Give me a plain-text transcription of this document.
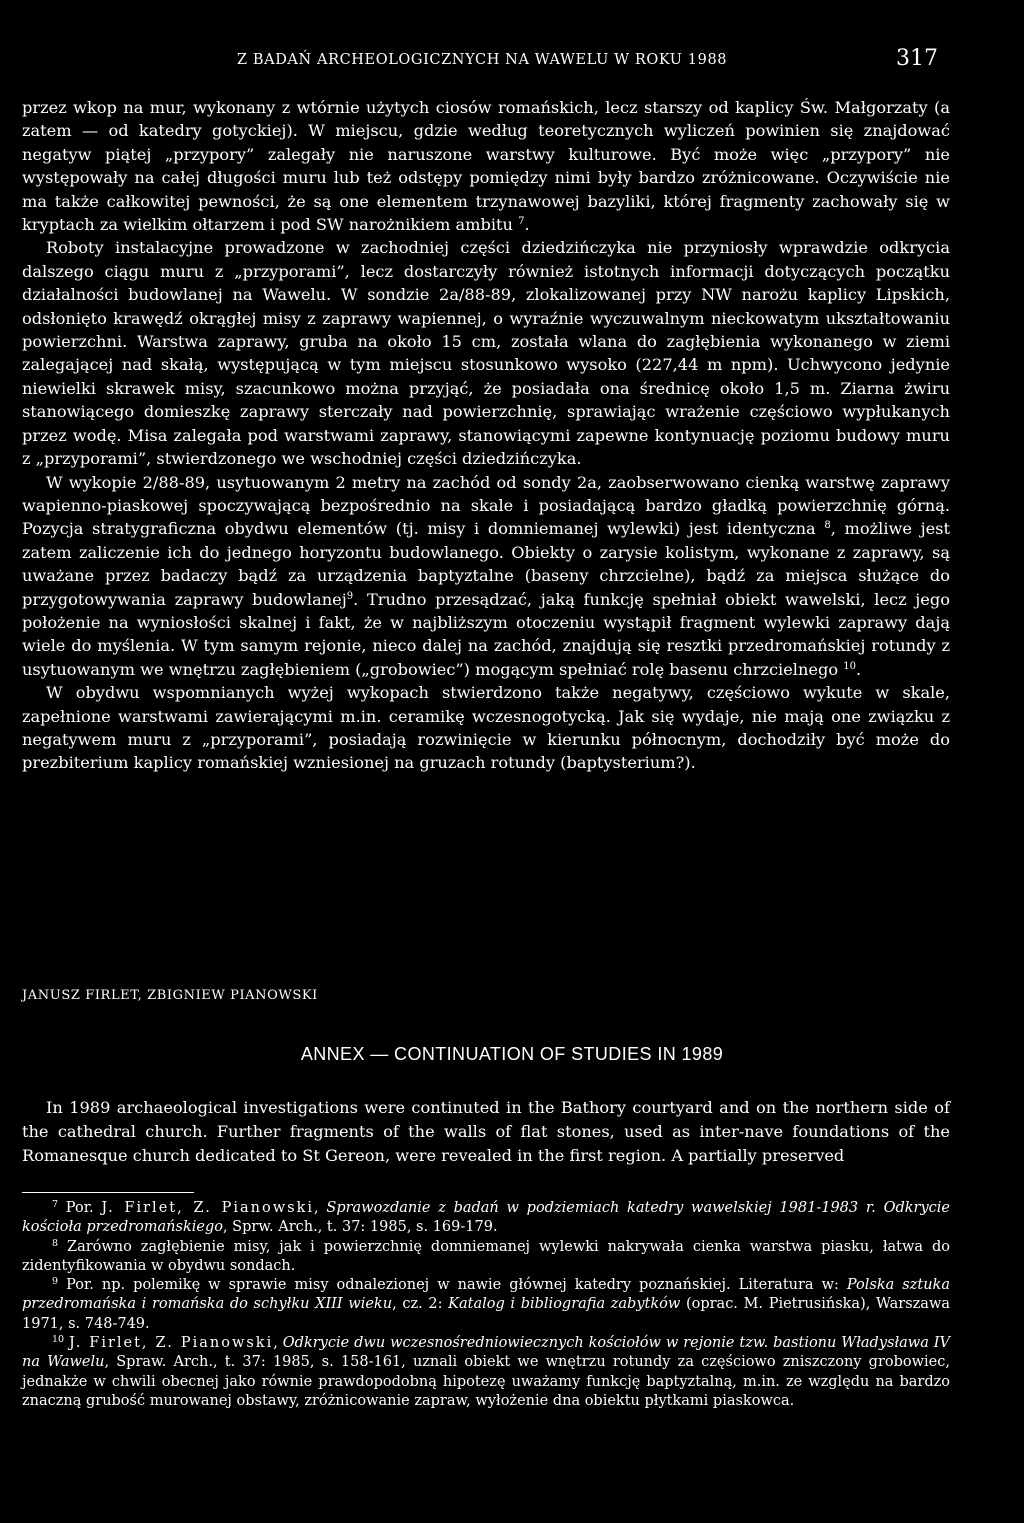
Z BADAŃ ARCHEOLOGICZNYCH NA WAWELU W ROKU 1988	317

przez wkop na mur, wykonany z wtórnie użytych ciosów romańskich, lecz starszy od kaplicy Św. Małgorzaty (a zatem — od katedry gotyckiej). W miejscu, gdzie według teoretycznych wyliczeń powinien się znajdować negatyw piątej „przypory” zalegały nie naruszone warstwy kulturowe. Być może więc „przypory” nie występowały na całej długości muru lub też odstępy pomiędzy nimi były bardzo zróżnicowane. Oczywiście nie ma także całkowitej pewności, że są one elementem trzynawowej bazyliki, której fragmenty zachowały się w kryptach za wielkim ołtarzem i pod SW narożnikiem ambitu $^7$.

Roboty instalacyjne prowadzone w zachodniej części dziedzińczyka nie przyniosły wprawdzie odkrycia dalszego ciągu muru z „przyporami”, lecz dostarczyły również istotnych informacji dotyczących początku działalności budowlanej na Wawelu. W sondzie 2a/88-89, zlokalizowanej przy NW narożu kaplicy Lipskich, odsłonięto krawędź okrągłej misy z zaprawy wapiennej, o wyraźnie wyczuwalnym nieckowatym ukształtowaniu powierzchni. Warstwa zaprawy, gruba na około 15 cm, została wlana do zagłębienia wykonanego w ziemi zalegającej nad skałą, występującą w tym miejscu stosunkowo wysoko (227,44 m npm). Uchwycono jedynie niewielki skrawek misy, szacunkowo można przyjąć, że posiadała ona średnicę około 1,5 m. Ziarna żwiru stanowiącego domieszkę zaprawy sterczały nad powierzchnię, sprawiając wrażenie częściowo wypłukanych przez wodę. Misa zalegała pod warstwami zaprawy, stanowiącymi zapewne kontynuację poziomu budowy muru z „przyporami”, stwierdzonego we wschodniej części dziedzińczyka.

W wykopie 2/88-89, usytuowanym 2 metry na zachód od sondy 2a, zaobserwowano cienką warstwę zaprawy wapienno-piaskowej spoczywającą bezpośrednio na skale i posiadającą bardzo gładką powierzchnię górną. Pozycja stratygraficzna obydwu elementów (tj. misy i domniemanej wylewki) jest identyczna $^8$, możliwe jest zatem zaliczenie ich do jednego horyzontu budowlanego. Obiekty o zarysie kolistym, wykonane z zaprawy, są uważane przez badaczy bądź za urządzenia baptyztalne (baseny chrzcielne), bądź za miejsca służące do przygotowywania zaprawy budowlanej$^9$. Trudno przesądzać, jaką funkcję spełniał obiekt wawelski, lecz jego położenie na wyniosłości skalnej i fakt, że w najbliższym otoczeniu wystąpił fragment wylewki zaprawy dają wiele do myślenia. W tym samym rejonie, nieco dalej na zachód, znajdują się resztki przedromańskiej rotundy z usytuowanym we wnętrzu zagłębieniem („grobowiec”) mogącym spełniać rolę basenu chrzcielnego $^{10}$.

W obydwu wspomnianych wyżej wykopach stwierdzono także negatywy, częściowo wykute w skale, zapełnione warstwami zawierającymi m.in. ceramikę wczesnogotycką. Jak się wydaje, nie mają one związku z negatywem muru z „przyporami”, posiadają rozwinięcie w kierunku północnym, dochodziły być może do prezbiterium kaplicy romańskiej wzniesionej na gruzach rotundy (baptysterium?).

JANUSZ FIRLET, ZBIGNIEW PIANOWSKI
ANNEX — CONTINUATION OF STUDIES IN 1989

In 1989 archaeological investigations were continuted in the Bathory courtyard and on the northern side of the cathedral church. Further fragments of the walls of flat stones, used as inter-nave foundations of the Romanesque church dedicated to St Gereon, were revealed in the first region. A partially preserved

$^7$ Por. J. Firlet, Z. Pianowski, Sprawozdanie z badań w podziemiach katedry wawelskiej 1981-1983 r. Odkrycie kościoła przedromańskiego, Sprw. Arch., t. 37: 1985, s. 169-179.

$^8$ Zarówno zagłębienie misy, jak i powierzchnię domniemanej wylewki nakrywała cienka warstwa piasku, łatwa do zidentyfikowania w obydwu sondach.

$^9$ Por. np. polemikę w sprawie misy odnalezionej w nawie głównej katedry poznańskiej. Literatura w: Polska sztuka przedromańska i romańska do schyłku XIII wieku, cz. 2: Katalog i bibliografia zabytków (oprac. M. Pietrusińska), Warszawa 1971, s. 748-749.

$^{10}$ J. Firlet, Z. Pianowski, Odkrycie dwu wczesnośredniowiecznych kościołów w rejonie tzw. bastionu Władysława IV na Wawelu, Spraw. Arch., t. 37: 1985, s. 158-161, uznali obiekt we wnętrzu rotundy za częściowo zniszczony grobowiec, jednakże w chwili obecnej jako równie prawdopodobną hipotezę uważamy funkcję baptyztalną, m.in. ze względu na bardzo znaczną grubość murowanej obstawy, zróżnicowanie zapraw, wyłożenie dna obiektu płytkami piaskowca.
